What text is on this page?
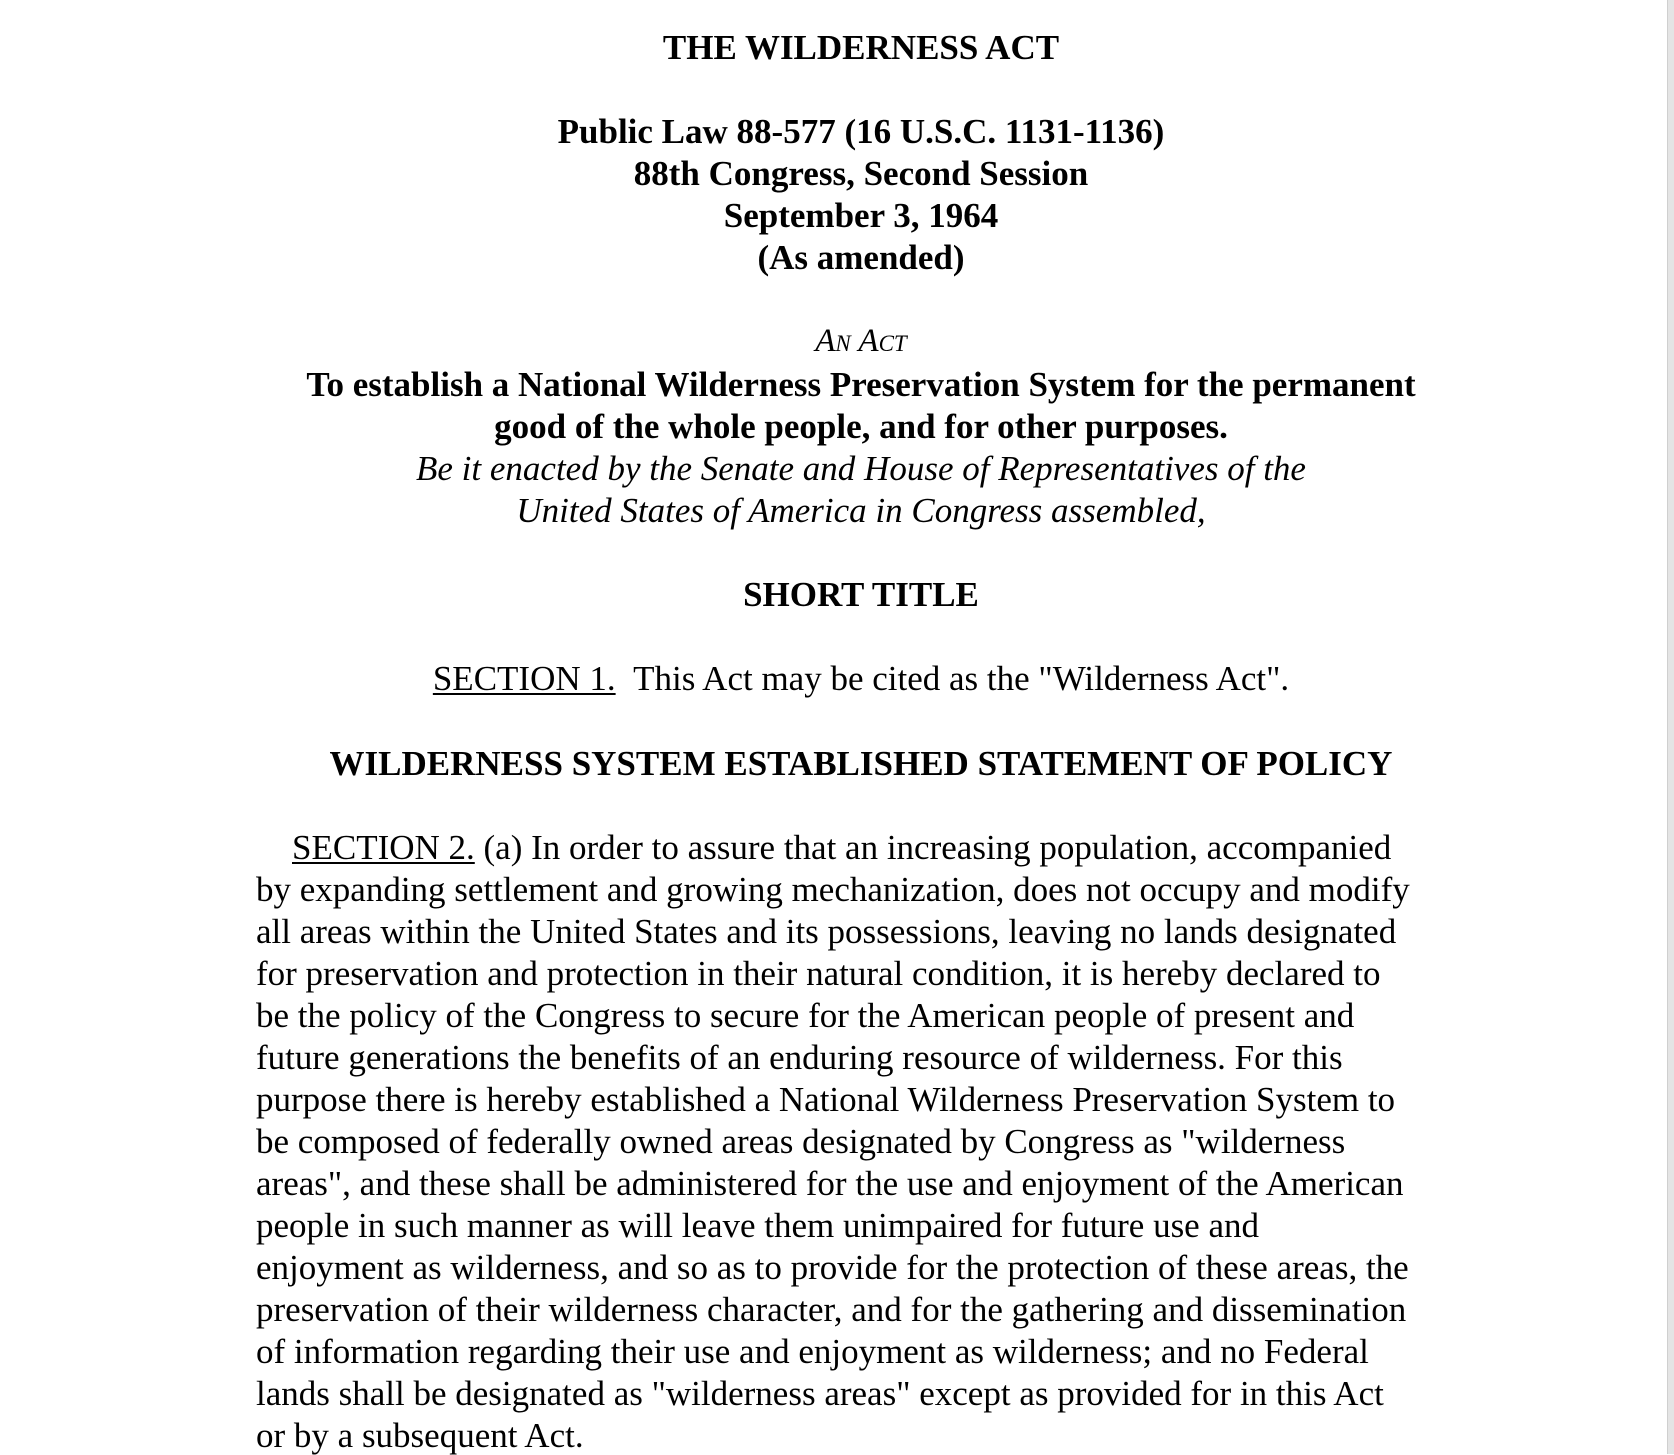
THE WILDERNESS ACT
Public Law 88-577 (16 U.S.C. 1131-1136)
88th Congress, Second Session
September 3, 1964
(As amended)
An Act
To establish a National Wilderness Preservation System for the permanent
good of the whole people, and for other purposes.
Be it enacted by the Senate and House of Representatives of the
United States of America in Congress assembled,
SHORT TITLE
SECTION 1. This Act may be cited as the "Wilderness Act".
WILDERNESS SYSTEM ESTABLISHED STATEMENT OF POLICY
SECTION 2. (a) In order to assure that an increasing population, accompanied
by expanding settlement and growing mechanization, does not occupy and modify
all areas within the United States and its possessions, leaving no lands designated
for preservation and protection in their natural condition, it is hereby declared to
be the policy of the Congress to secure for the American people of present and
future generations the benefits of an enduring resource of wilderness. For this
purpose there is hereby established a National Wilderness Preservation System to
be composed of federally owned areas designated by Congress as "wilderness
areas", and these shall be administered for the use and enjoyment of the American
people in such manner as will leave them unimpaired for future use and
enjoyment as wilderness, and so as to provide for the protection of these areas, the
preservation of their wilderness character, and for the gathering and dissemination
of information regarding their use and enjoyment as wilderness; and no Federal
lands shall be designated as "wilderness areas" except as provided for in this Act
or by a subsequent Act.
